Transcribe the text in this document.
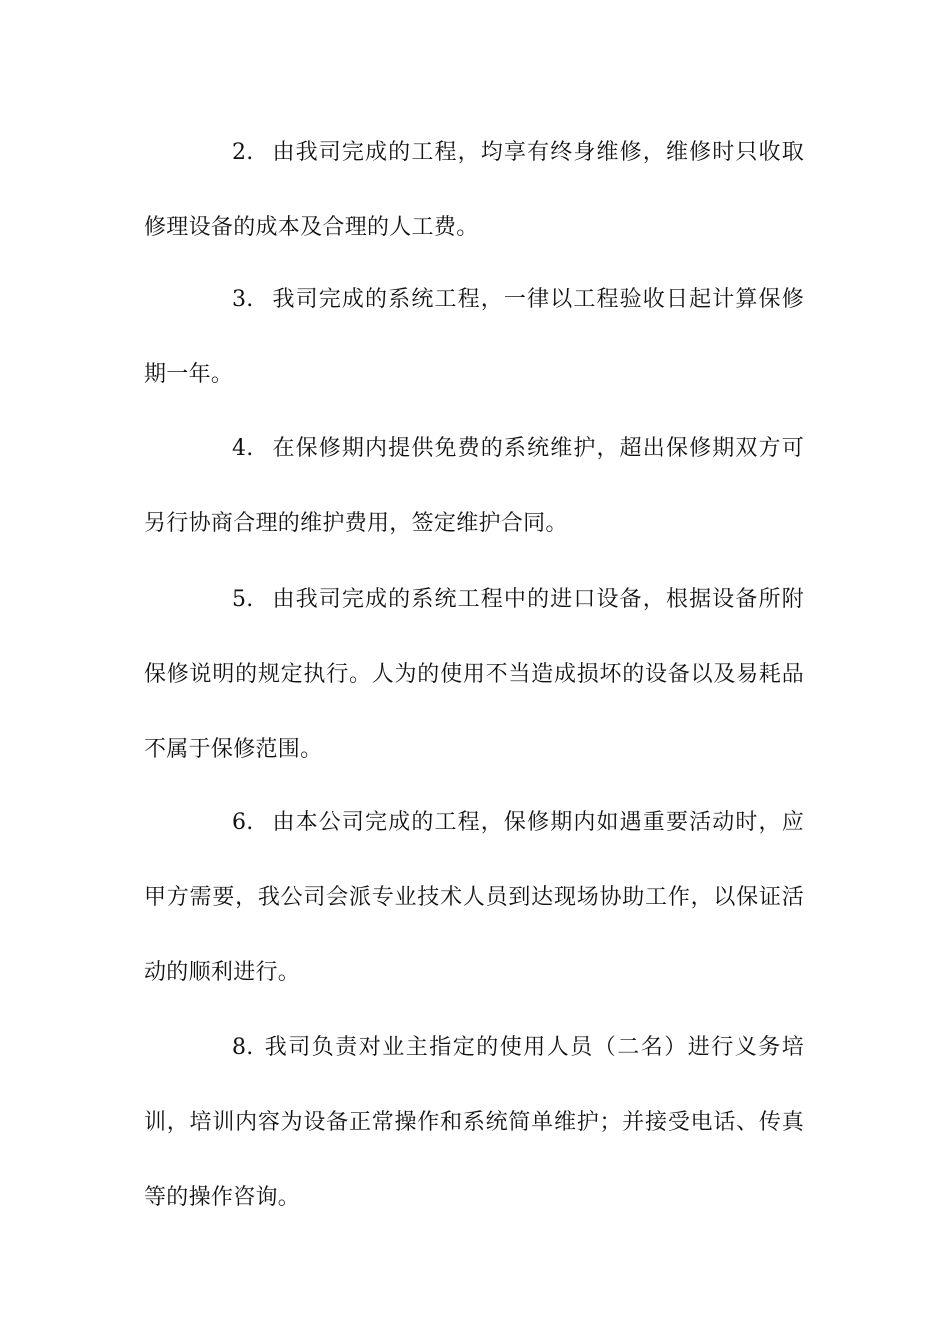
2. 由我司完成的工程，均享有终身维修，维修时只收取修理设备的成本及合理的人工费。

3. 我司完成的系统工程，一律以工程验收日起计算保修期一年。

4. 在保修期内提供免费的系统维护，超出保修期双方可另行协商合理的维护费用，签定维护合同。

5. 由我司完成的系统工程中的进口设备，根据设备所附保修说明的规定执行。人为的使用不当造成损坏的设备以及易耗品不属于保修范围。

6. 由本公司完成的工程，保修期内如遇重要活动时，应甲方需要，我公司会派专业技术人员到达现场协助工作，以保证活动的顺利进行。

8. 我司负责对业主指定的使用人员（二名）进行义务培训，培训内容为设备正常操作和系统简单维护；并接受电话、传真等的操作咨询。
